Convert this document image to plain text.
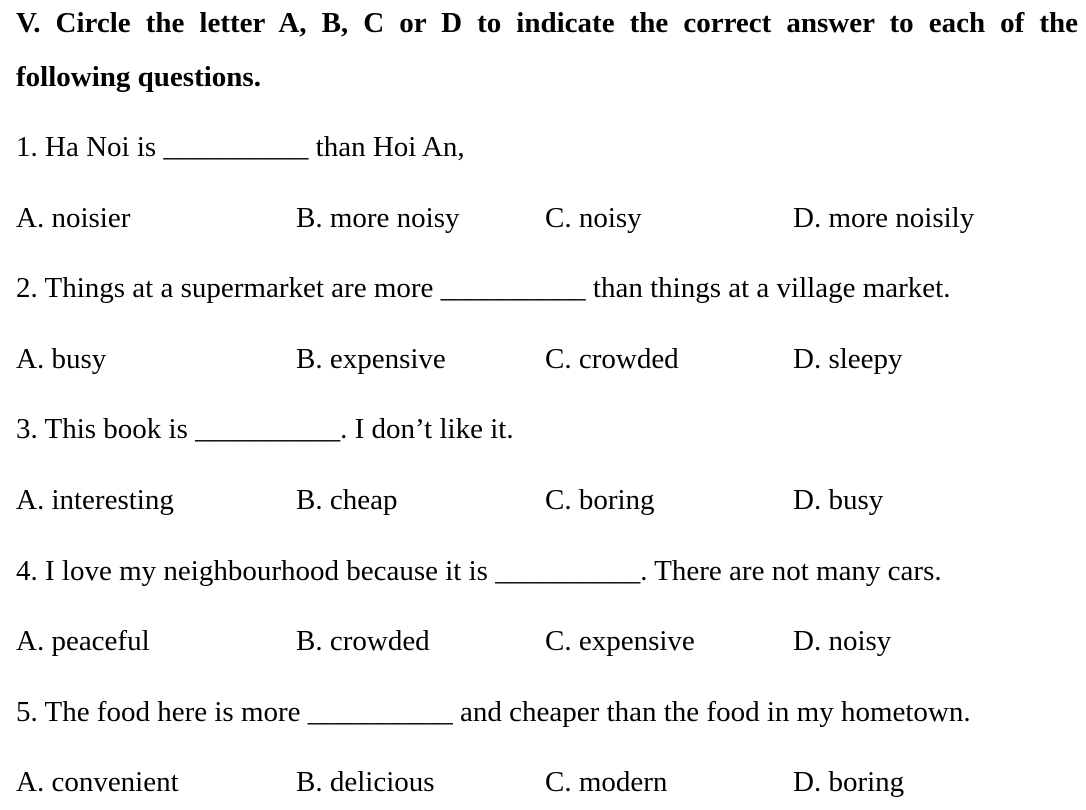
V. Circle the letter A, B, C or D to indicate the correct answer to each of the
following questions.
1. Ha Noi is __________ than Hoi An,
A. noisier	B. more noisy	C. noisy	D. more noisily
2. Things at a supermarket are more __________ than things at a village market.
A. busy	B. expensive	C. crowded	D. sleepy
3. This book is __________. I don’t like it.
A. interesting	B. cheap	C. boring	D. busy
4. I love my neighbourhood because it is __________. There are not many cars.
A. peaceful	B. crowded	C. expensive	D. noisy
5. The food here is more __________ and cheaper than the food in my hometown.
A. convenient	B. delicious	C. modern	D. boring
